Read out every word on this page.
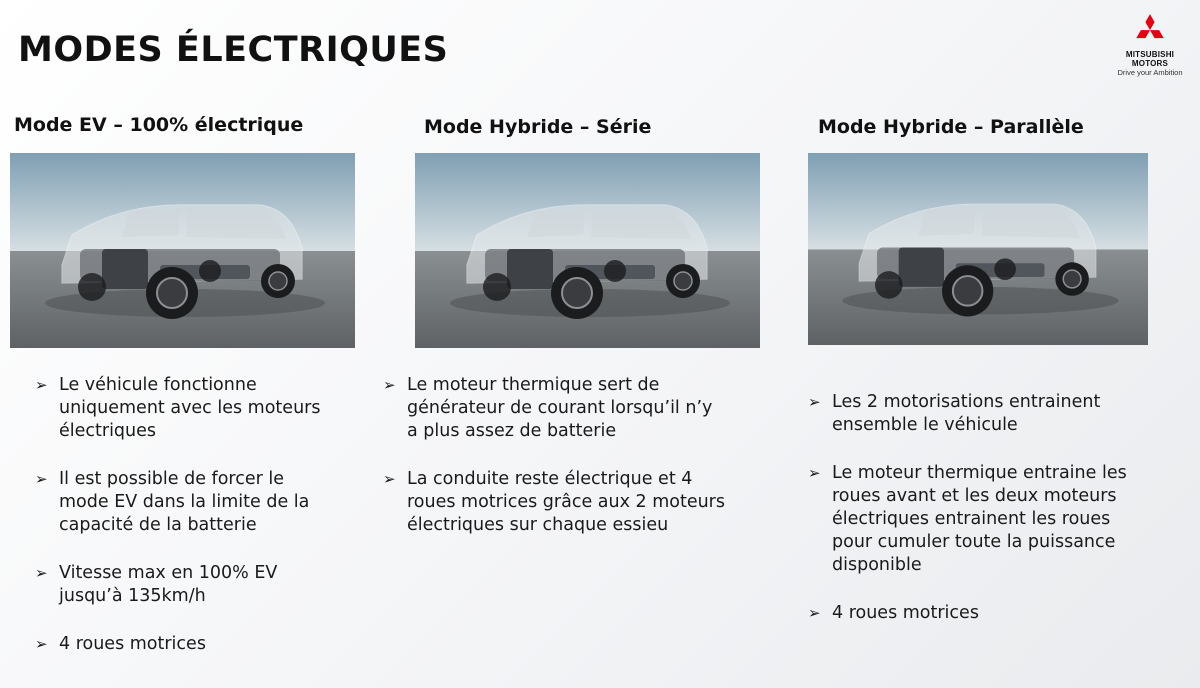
MODES ÉLECTRIQUES	MITSUBISHI
MOTORS
Drive your Ambition
Mode EV – 100% électrique
➢ Le véhicule fonctionne uniquement avec les moteurs électriques
➢ Il est possible de forcer le mode EV dans la limite de la capacité de la batterie
➢ Vitesse max en 100% EV jusqu’à 135km/h
➢ 4 roues motrices
Mode Hybride – Série
➢ Le moteur thermique sert de générateur de courant lorsqu’il n’y a plus assez de batterie
➢ La conduite reste électrique et 4 roues motrices grâce aux 2 moteurs électriques sur chaque essieu
Mode Hybride – Parallèle
➢ Les 2 motorisations entrainent ensemble le véhicule
➢ Le moteur thermique entraine les roues avant et les deux moteurs électriques entrainent les roues pour cumuler toute la puissance disponible
➢ 4 roues motrices
